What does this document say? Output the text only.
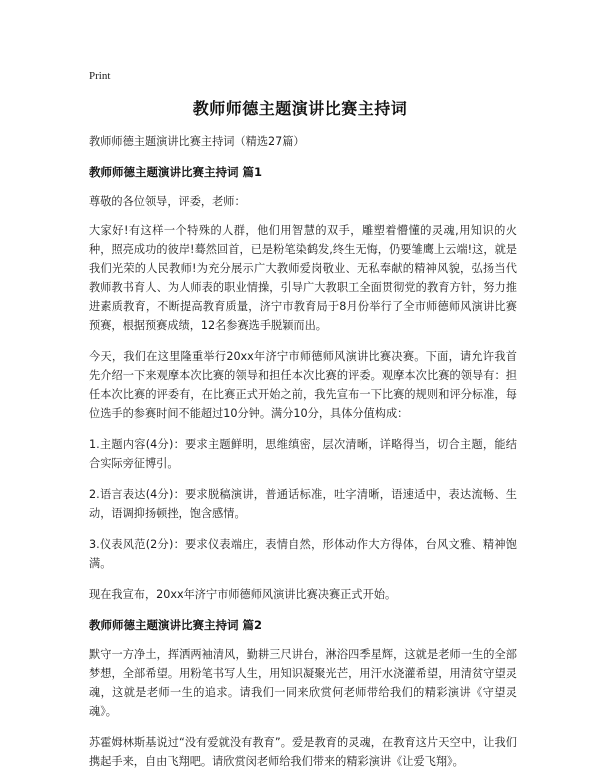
Print
教师师德主题演讲比赛主持词

教师师德主题演讲比赛主持词（精选27篇）

教师师德主题演讲比赛主持词 篇1

尊敬的各位领导，评委，老师：

大家好!有这样一个特殊的人群，他们用智慧的双手，雕塑着懵懂的灵魂,用知识的火种，照亮成功的彼岸!蓦然回首，已是粉笔染鹤发,终生无悔，仍要雏鹰上云端!这，就是我们光荣的人民教师!为充分展示广大教师爱岗敬业、无私奉献的精神风貌，弘扬当代教师教书育人、为人师表的职业情操，引导广大教职工全面贯彻党的教育方针，努力推进素质教育，不断提高教育质量，济宁市教育局于8月份举行了全市师德师风演讲比赛预赛，根据预赛成绩，12名参赛选手脱颖而出。

今天，我们在这里隆重举行20xx年济宁市师德师风演讲比赛决赛。下面，请允许我首先介绍一下来观摩本次比赛的领导和担任本次比赛的评委。观摩本次比赛的领导有：担任本次比赛的评委有，在比赛正式开始之前，我先宣布一下比赛的规则和评分标准，每位选手的参赛时间不能超过10分钟。满分10分，具体分值构成：

1.主题内容(4分)：要求主题鲜明，思维缜密，层次清晰，详略得当，切合主题，能结合实际旁征博引。

2.语言表达(4分)：要求脱稿演讲，普通话标准，吐字清晰，语速适中，表达流畅、生动，语调抑扬顿挫，饱含感情。

3.仪表风范(2分)：要求仪表端庄，表情自然，形体动作大方得体，台风文雅、精神饱满。

现在我宣布，20xx年济宁市师德师风演讲比赛决赛正式开始。

教师师德主题演讲比赛主持词 篇2

默守一方净土，挥洒两袖清风，勤耕三尺讲台，淋浴四季星辉，这就是老师一生的全部梦想，全部希望。用粉笔书写人生，用知识凝聚光芒，用汗水浇灌希望，用清贫守望灵魂，这就是老师一生的追求。请我们一同来欣赏何老师带给我们的精彩演讲《守望灵魂》。

苏霍姆林斯基说过“没有爱就没有教育”。爱是教育的灵魂，在教育这片天空中，让我们携起手来，自由飞翔吧。请欣赏闵老师给我们带来的精彩演讲《让爱飞翔》。
